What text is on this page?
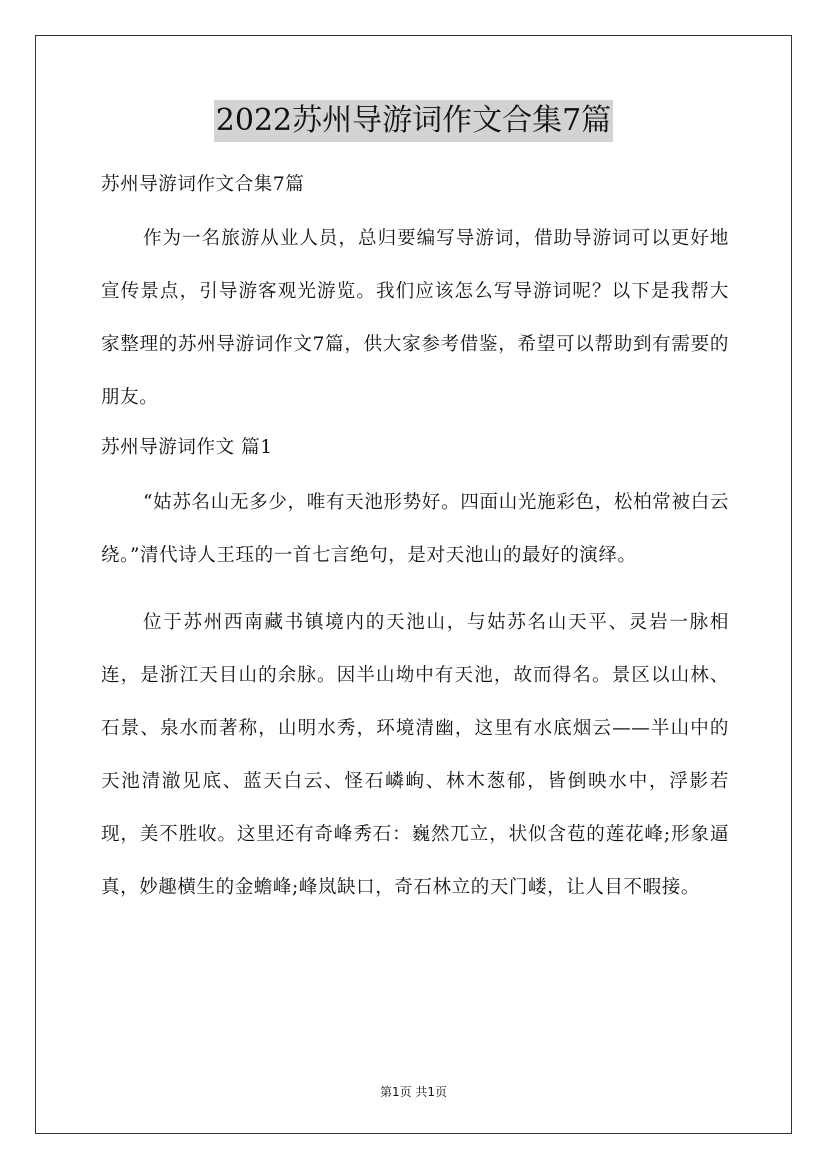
2022苏州导游词作文合集7篇
苏州导游词作文合集7篇

作为一名旅游从业人员，总归要编写导游词，借助导游词可以更好地宣传景点，引导游客观光游览。我们应该怎么写导游词呢？以下是我帮大家整理的苏州导游词作文7篇，供大家参考借鉴，希望可以帮助到有需要的朋友。

苏州导游词作文 篇1

“姑苏名山无多少，唯有天池形势好。四面山光施彩色，松柏常被白云绕。”清代诗人王珏的一首七言绝句，是对天池山的最好的演绎。

位于苏州西南藏书镇境内的天池山，与姑苏名山天平、灵岩一脉相连，是浙江天目山的余脉。因半山坳中有天池，故而得名。景区以山林、石景、泉水而著称，山明水秀，环境清幽，这里有水底烟云——半山中的天池清澈见底、蓝天白云、怪石嶙峋、林木葱郁，皆倒映水中，浮影若现，美不胜收。这里还有奇峰秀石：巍然兀立，状似含苞的莲花峰;形象逼真，妙趣横生的金蟾峰;峰岚缺口，奇石林立的天门嵝，让人目不暇接。

第1页 共1页
